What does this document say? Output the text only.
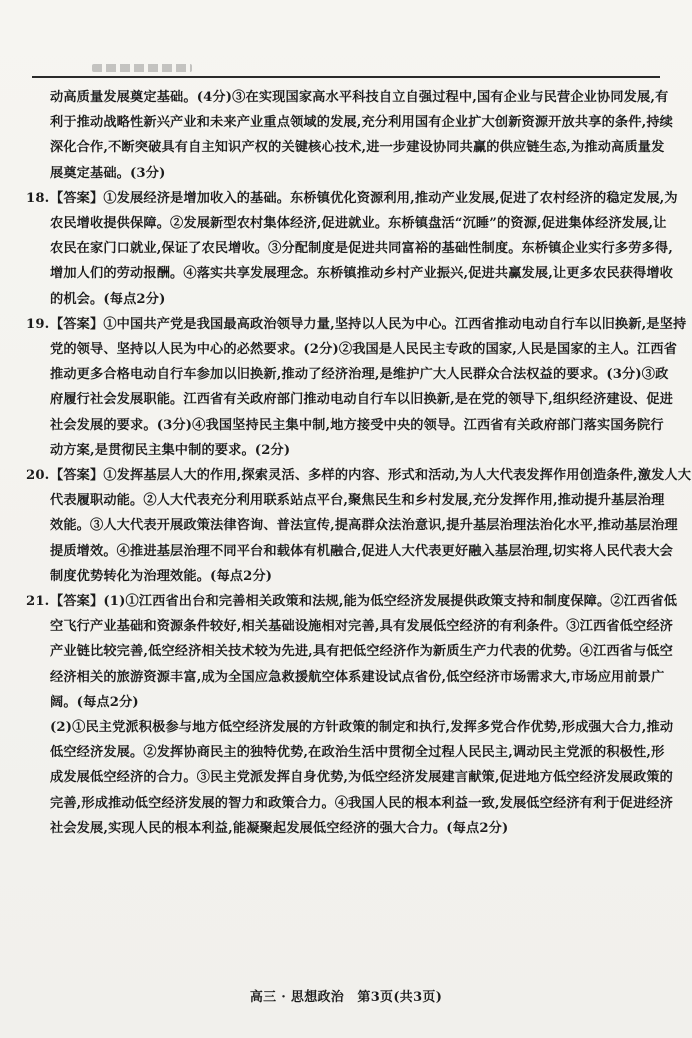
动高质量发展奠定基础。(4分)③在实现国家高水平科技自立自强过程中,国有企业与民营企业协同发展,有
利于推动战略性新兴产业和未来产业重点领域的发展,充分利用国有企业扩大创新资源开放共享的条件,持续
深化合作,不断突破具有自主知识产权的关键核心技术,进一步建设协同共赢的供应链生态,为推动高质量发
展奠定基础。(3分)
18. 【答案】①发展经济是增加收入的基础。东桥镇优化资源利用,推动产业发展,促进了农村经济的稳定发展,为
农民增收提供保障。②发展新型农村集体经济,促进就业。东桥镇盘活“沉睡”的资源,促进集体经济发展,让
农民在家门口就业,保证了农民增收。③分配制度是促进共同富裕的基础性制度。东桥镇企业实行多劳多得,
增加人们的劳动报酬。④落实共享发展理念。东桥镇推动乡村产业振兴,促进共赢发展,让更多农民获得增收
的机会。(每点2分)
19. 【答案】①中国共产党是我国最高政治领导力量,坚持以人民为中心。江西省推动电动自行车以旧换新,是坚持
党的领导、坚持以人民为中心的必然要求。(2分)②我国是人民民主专政的国家,人民是国家的主人。江西省
推动更多合格电动自行车参加以旧换新,推动了经济治理,是维护广大人民群众合法权益的要求。(3分)③政
府履行社会发展职能。江西省有关政府部门推动电动自行车以旧换新,是在党的领导下,组织经济建设、促进
社会发展的要求。(3分)④我国坚持民主集中制,地方接受中央的领导。江西省有关政府部门落实国务院行
动方案,是贯彻民主集中制的要求。(2分)
20. 【答案】①发挥基层人大的作用,探索灵活、多样的内容、形式和活动,为人大代表发挥作用创造条件,激发人大
代表履职动能。②人大代表充分利用联系站点平台,聚焦民生和乡村发展,充分发挥作用,推动提升基层治理
效能。③人大代表开展政策法律咨询、普法宣传,提高群众法治意识,提升基层治理法治化水平,推动基层治理
提质增效。④推进基层治理不同平台和载体有机融合,促进人大代表更好融入基层治理,切实将人民代表大会
制度优势转化为治理效能。(每点2分)
21. 【答案】(1)①江西省出台和完善相关政策和法规,能为低空经济发展提供政策支持和制度保障。②江西省低
空飞行产业基础和资源条件较好,相关基础设施相对完善,具有发展低空经济的有利条件。③江西省低空经济
产业链比较完善,低空经济相关技术较为先进,具有把低空经济作为新质生产力代表的优势。④江西省与低空
经济相关的旅游资源丰富,成为全国应急救援航空体系建设试点省份,低空经济市场需求大,市场应用前景广
阔。(每点2分)
(2)①民主党派积极参与地方低空经济发展的方针政策的制定和执行,发挥多党合作优势,形成强大合力,推动
低空经济发展。②发挥协商民主的独特优势,在政治生活中贯彻全过程人民民主,调动民主党派的积极性,形
成发展低空经济的合力。③民主党派发挥自身优势,为低空经济发展建言献策,促进地方低空经济发展政策的
完善,形成推动低空经济发展的智力和政策合力。④我国人民的根本利益一致,发展低空经济有利于促进经济
社会发展,实现人民的根本利益,能凝聚起发展低空经济的强大合力。(每点2分)
高三 · 思想政治　第3页(共3页)
